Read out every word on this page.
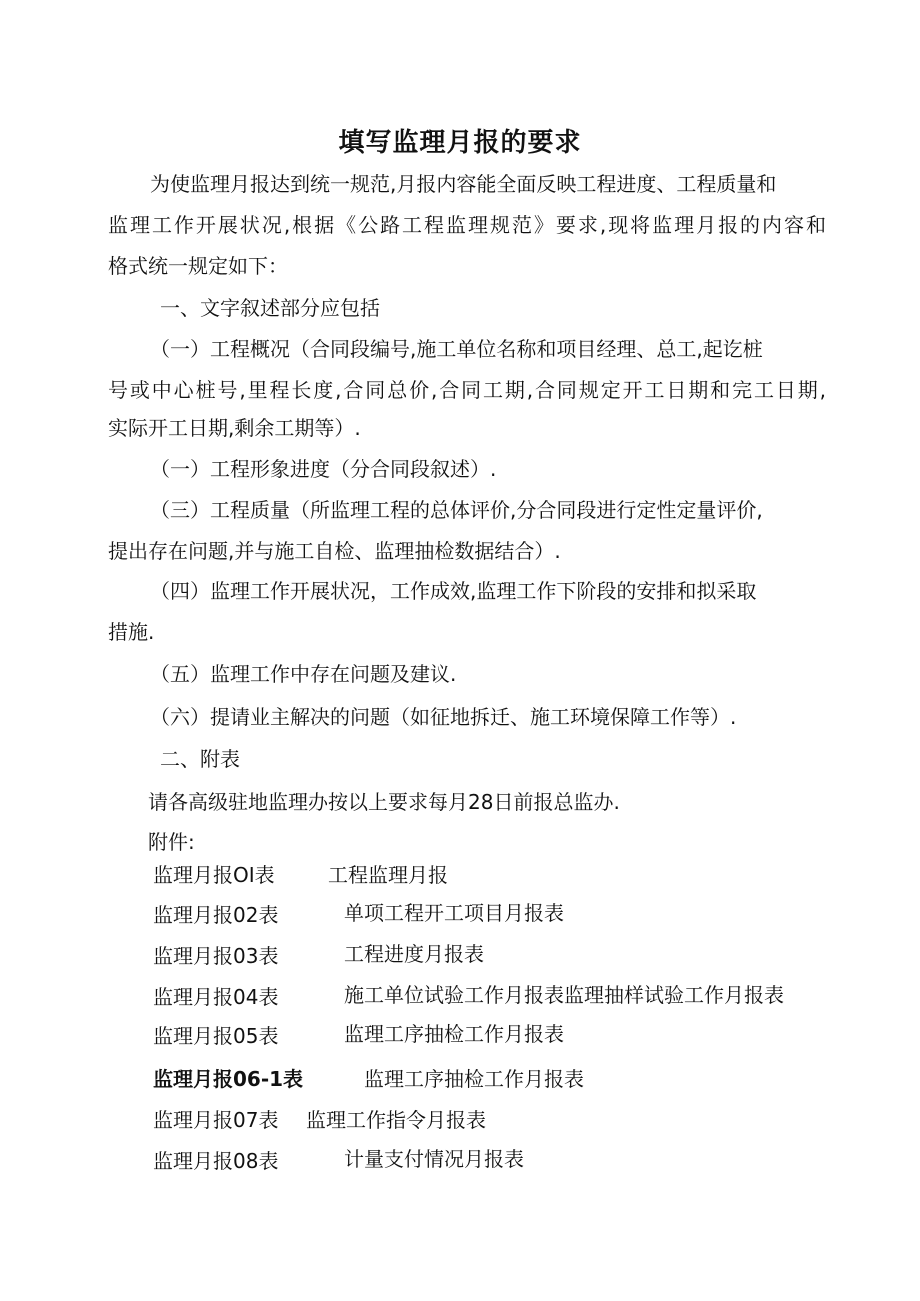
填写监理月报的要求
为使监理月报达到统一规范,月报内容能全面反映工程进度、工程质量和
监理工作开展状况,根据《公路工程监理规范》要求,现将监理月报的内容和
格式统一规定如下：
一、文字叙述部分应包括
（一）工程概况（合同段编号,施工单位名称和项目经理、总工,起讫桩
号或中心桩号,里程长度,合同总价,合同工期,合同规定开工日期和完工日期,
实际开工日期,剩余工期等）.
（一）工程形象进度（分合同段叙述）.
（三）工程质量（所监理工程的总体评价,分合同段进行定性定量评价,
提出存在问题,并与施工自检、监理抽检数据结合）.
（四）监理工作开展状况，工作成效,监理工作下阶段的安排和拟采取
措施.
（五）监理工作中存在问题及建议.
（六）提请业主解决的问题（如征地拆迁、施工环境保障工作等）.
二、附表
请各高级驻地监理办按以上要求每月28日前报总监办.
附件:
监理月报OI表	工程监理月报
监理月报02表	单项工程开工项目月报表
监理月报03表	工程进度月报表
监理月报04表	施工单位试验工作月报表监理抽样试验工作月报表
监理月报05表	监理工序抽检工作月报表
监理月报06-1表	监理工序抽检工作月报表
监理月报07表 监理工作指令月报表
监理月报08表	计量支付情况月报表
